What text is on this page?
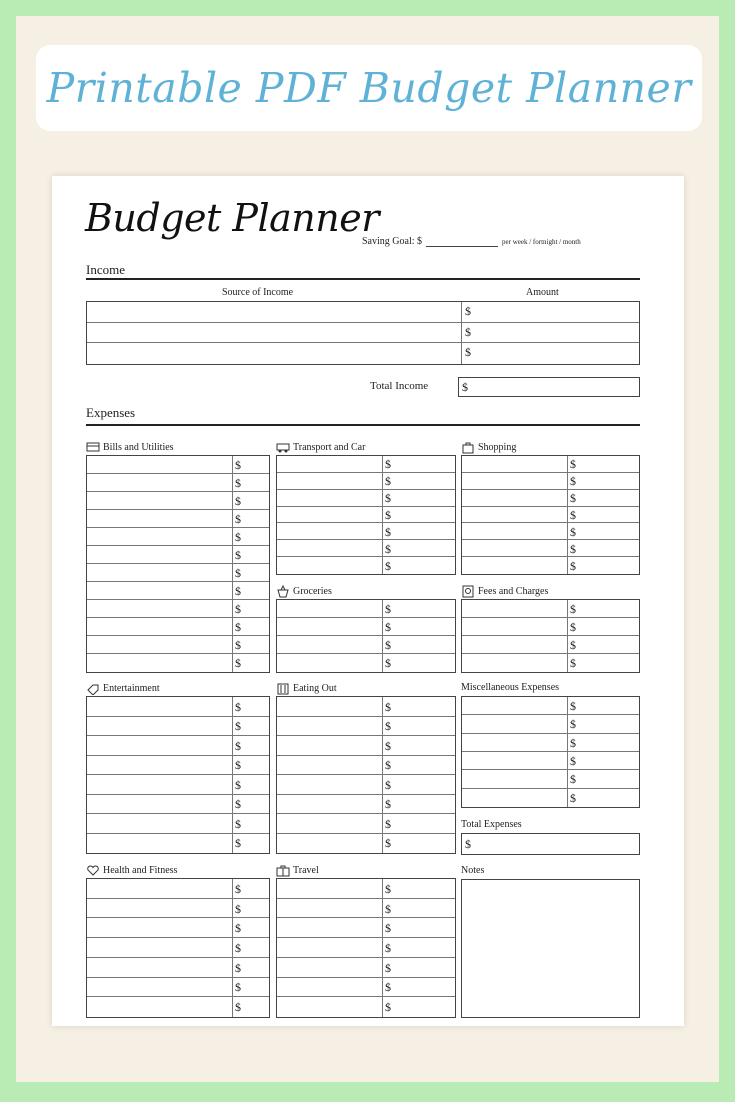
Printable PDF Budget Planner
Budget Planner
Saving Goal: $	per week / fortnight / month
Income
Source of Income	Amount
$
$
$
Total Income	$
Expenses
Total Expenses
$
Notes
Bills and Utilities
$
$
$
$
$
$
$
$
$
$
$
$
Transport and Car
$
$
$
$
$
$
$
Shopping
$
$
$
$
$
$
$
Groceries
$
$
$
$
Fees and Charges
$
$
$
$
Entertainment
$
$
$
$
$
$
$
$
Eating Out
$
$
$
$
$
$
$
$
Miscellaneous Expenses
$
$
$
$
$
$
Health and Fitness
$
$
$
$
$
$
$
Travel
$
$
$
$
$
$
$
